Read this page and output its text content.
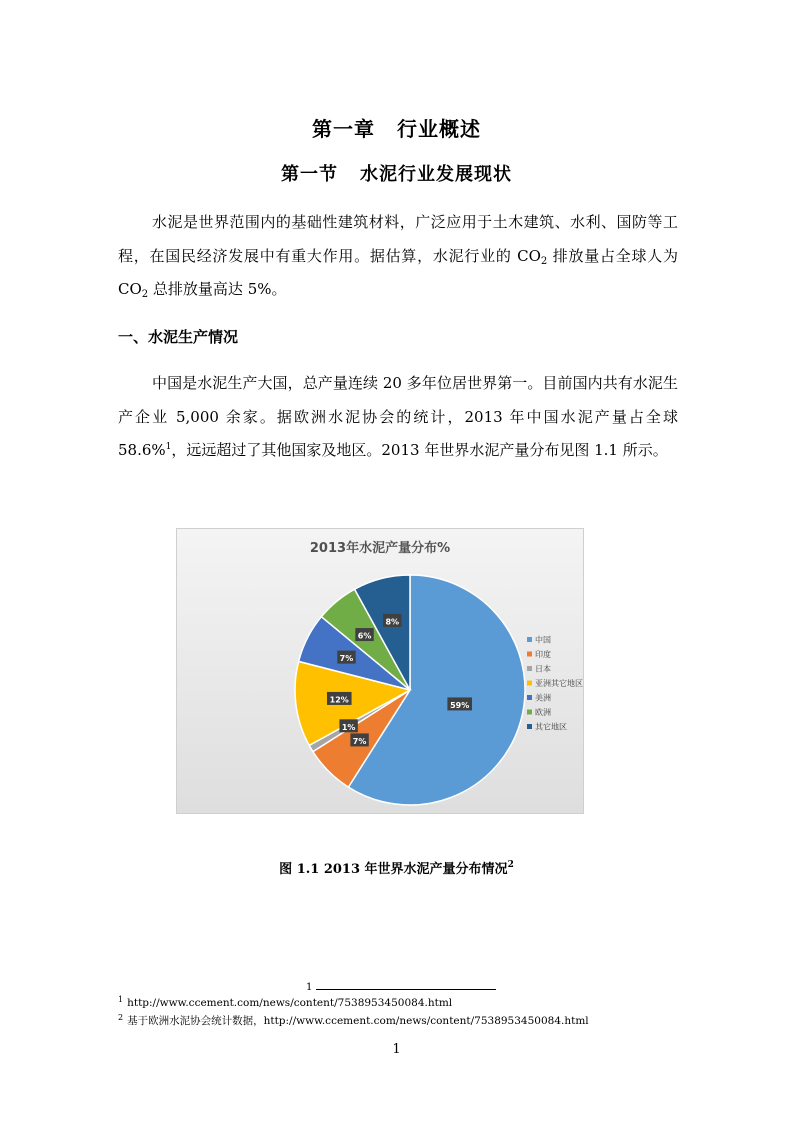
第一章 行业概述
第一节 水泥行业发展现状

水泥是世界范围内的基础性建筑材料，广泛应用于土木建筑、水利、国防等工程，在国民经济发展中有重大作用。据估算，水泥行业的 $CO_2$ 排放量占全球人为 $CO_2$ 总排放量高达 5%。

一、水泥生产情况

中国是水泥生产大国，总产量连续 20 多年位居世界第一。目前国内共有水泥生产企业 5,000 余家。据欧洲水泥协会的统计，2013 年中国水泥产量占全球 58.6%$^1$，远远超过了其他国家及地区。2013 年世界水泥产量分布见图 1.1 所示。

2013年水泥产量分布%
59%
7%
1%
12%
7%
6%
8%
中国
印度
日本
亚洲其它地区
美洲
欧洲
其它地区
图 1.1 2013 年世界水泥产量分布情况$^2$
1
$^1$ http://www.ccement.com/news/content/7538953450084.html
$^2$ 基于欧洲水泥协会统计数据，http://www.ccement.com/news/content/7538953450084.html
1
